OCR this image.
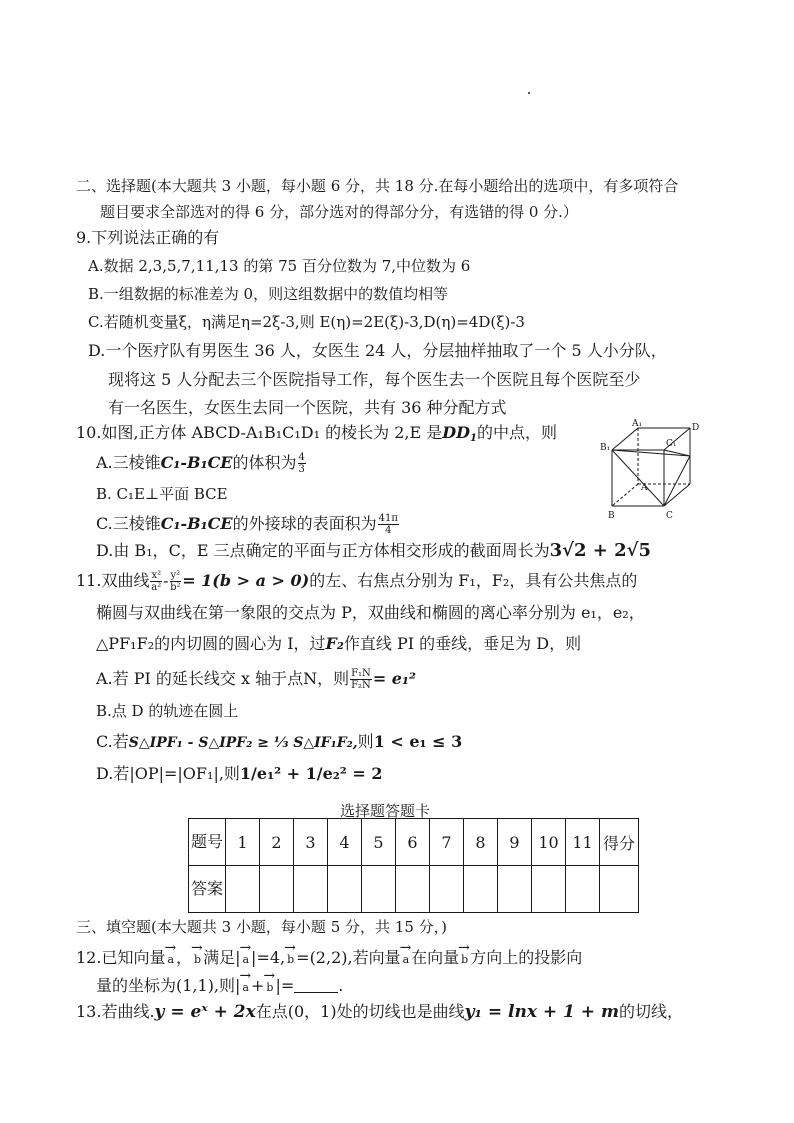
二、选择题(本大题共 3 小题，每小题 6 分，共 18 分.在每小题给出的选项中，有多项符合
题目要求全部选对的得 6 分，部分选对的得部分分，有选错的得 0 分.）
9.下列说法正确的有
A.数据 2,3,5,7,11,13 的第 75 百分位数为 7,中位数为 6
B.一组数据的标准差为 0，则这组数据中的数值均相等
C.若随机变量ξ，η满足η=2ξ-3,则 E(η)=2E(ξ)-3,D(η)=4D(ξ)-3
D.一个医疗队有男医生 36 人，女医生 24 人，分层抽样抽取了一个 5 人小分队，
现将这 5 人分配去三个医院指导工作，每个医生去一个医院且每个医院至少
有一名医生，女医生去同一个医院，共有 36 种分配方式
10.如图,正方体 ABCD-A₁B₁C₁D₁ 的棱长为 2,E 是$DD_1$的中点，则
A.三棱锥C₁-B₁CE的体积为 $\frac{4}{3}$
B. C₁E⊥平面 BCE
C.三棱锥C₁-B₁CE的外接球的表面积为 $\frac{41\pi}{4}$
D.由 B₁，C，E 三点确定的平面与正方体相交形成的截面周长为3√2 + 2√5
A₁	D
B₁	C₁
A
B	C
11.双曲线 $\frac{\text{x²}}{\text{a²}} - \frac{\text{y²}}{\text{b²}} = 1(b > a > 0)$的左、右焦点分别为 F₁，F₂，具有公共焦点的
椭圆与双曲线在第一象限的交点为 P，双曲线和椭圆的离心率分别为 e₁，e₂，
△PF₁F₂的内切圆的圆心为 I，过F₂作直线 PI 的垂线，垂足为 D，则
A.若 PI 的延长线交 x 轴于点N，则 $\frac{\text{F₁N}}{\text{F₂N}} = e_1^2$
B.点 D 的轨迹在圆上
C.若S△IPF₁ - S△IPF₂ ≥ ⅓ S△IF₁F₂,则1 < e₁ ≤ 3
D.若|OP|=|OF₁|,则1/e₁² + 1/e₂² = 2
选择题答题卡
题号	1	2	3	4	5	6	7	8	9	10	11	得分
答案												
三、填空题(本大题共 3 小题，每小题 5 分，共 15 分，)
12.已知向量 → a ， → b 满足| → a |=4, → b =(2,2),若向量 → a 在向量 → b 方向上的投影向
量的坐标为(1,1),则| → a + → b |=	.
13.若曲线.y = eˣ + 2x在点(0，1)处的切线也是曲线y₁ = lnx + 1 + m的切线，
